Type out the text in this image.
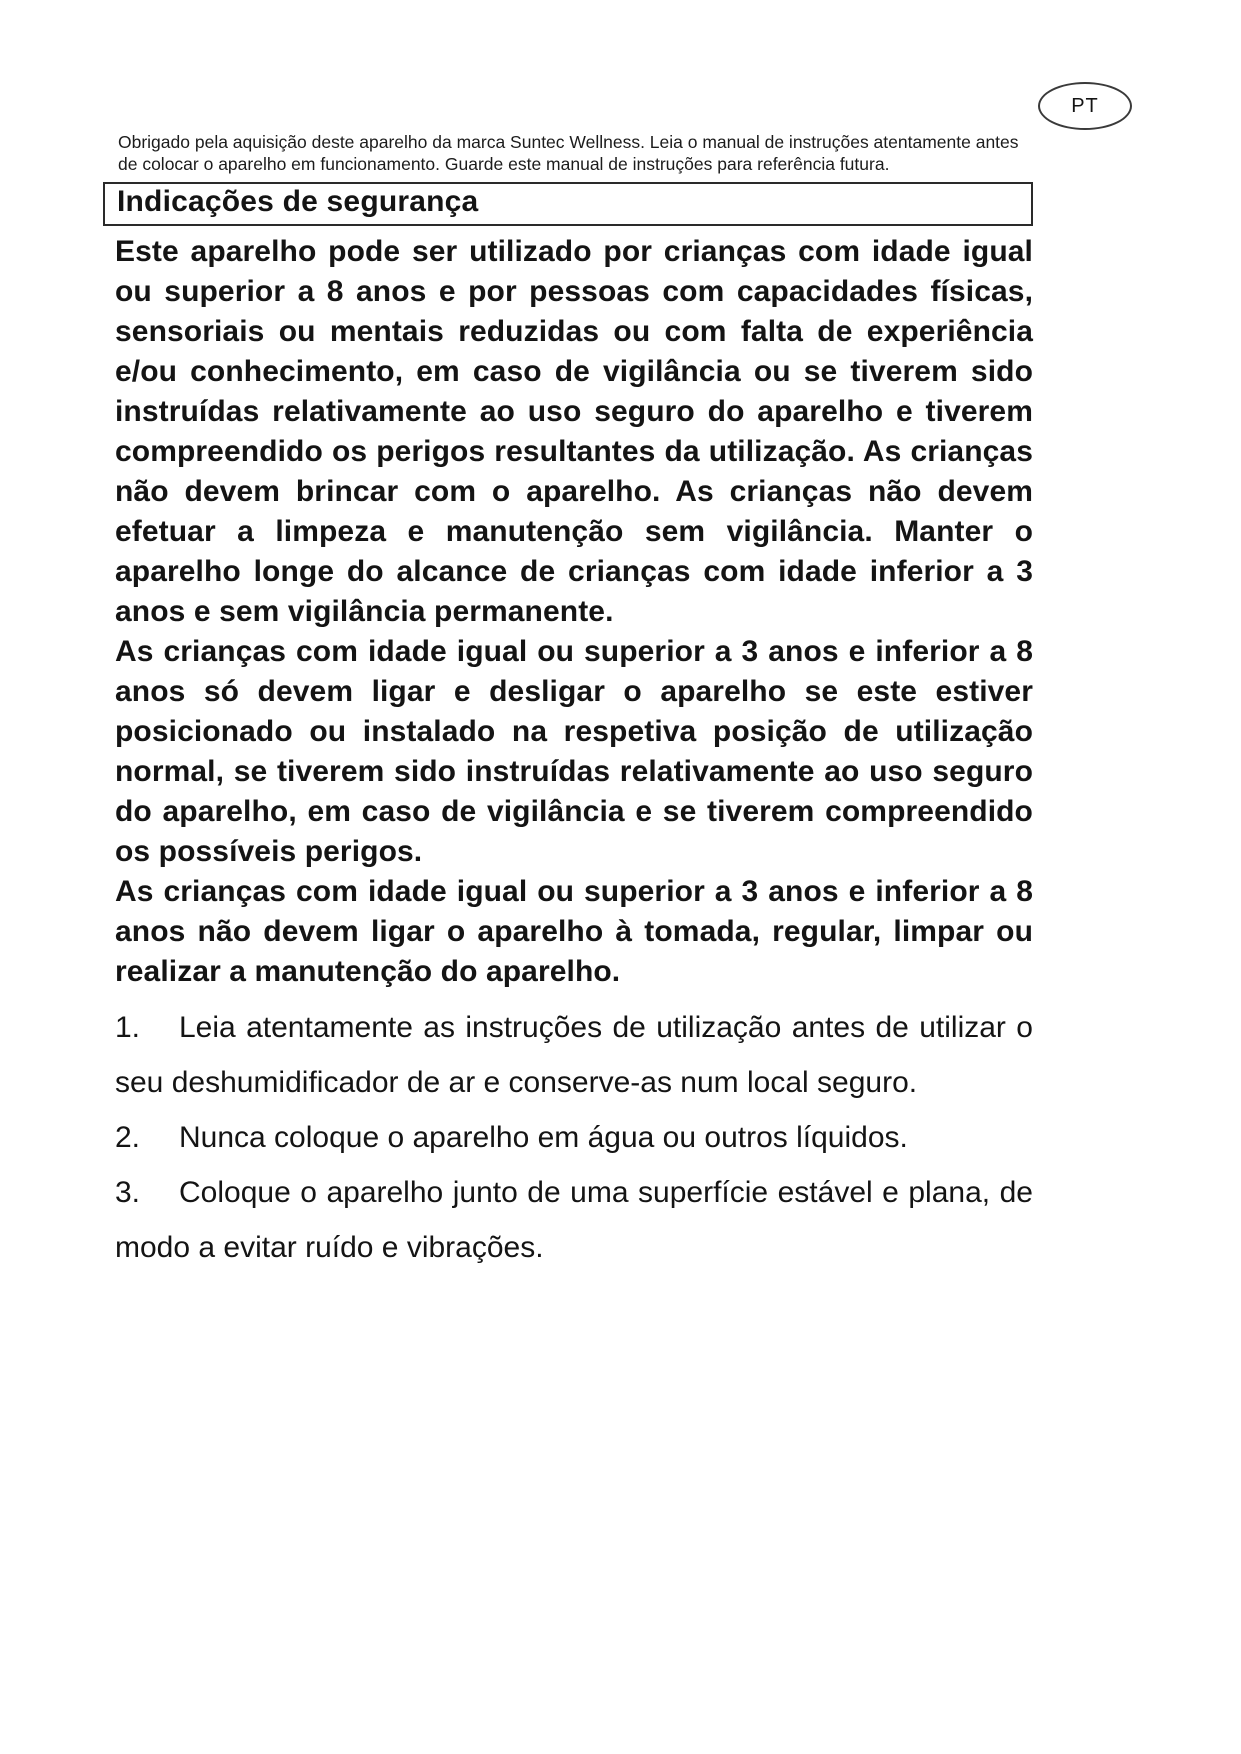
PT

Obrigado pela aquisição deste aparelho da marca Suntec Wellness. Leia o manual de instruções atentamente antes de colocar o aparelho em funcionamento. Guarde este manual de instruções para referência futura.

Indicações de segurança

Este aparelho pode ser utilizado por crianças com idade igual ou superior a 8 anos e por pessoas com capacidades físicas, sensoriais ou mentais reduzidas ou com falta de experiência e/ou conhecimento, em caso de vigilância ou se tiverem sido instruídas relativamente ao uso seguro do aparelho e tiverem compreendido os perigos resultantes da utilização. As crianças não devem brincar com o aparelho. As crianças não devem efetuar a limpeza e manutenção sem vigilância. Manter o aparelho longe do alcance de crianças com idade inferior a 3 anos e sem vigilância permanente.

As crianças com idade igual ou superior a 3 anos e inferior a 8 anos só devem ligar e desligar o aparelho se este estiver posicionado ou instalado na respetiva posição de utilização normal, se tiverem sido instruídas relativamente ao uso seguro do aparelho, em caso de vigilância e se tiverem compreendido os possíveis perigos.

As crianças com idade igual ou superior a 3 anos e inferior a 8 anos não devem ligar o aparelho à tomada, regular, limpar ou realizar a manutenção do aparelho.

1. Leia atentamente as instruções de utilização antes de utilizar o seu deshumidificador de ar e conserve-as num local seguro.

2. Nunca coloque o aparelho em água ou outros líquidos.

3. Coloque o aparelho junto de uma superfície estável e plana, de modo a evitar ruído e vibrações.
